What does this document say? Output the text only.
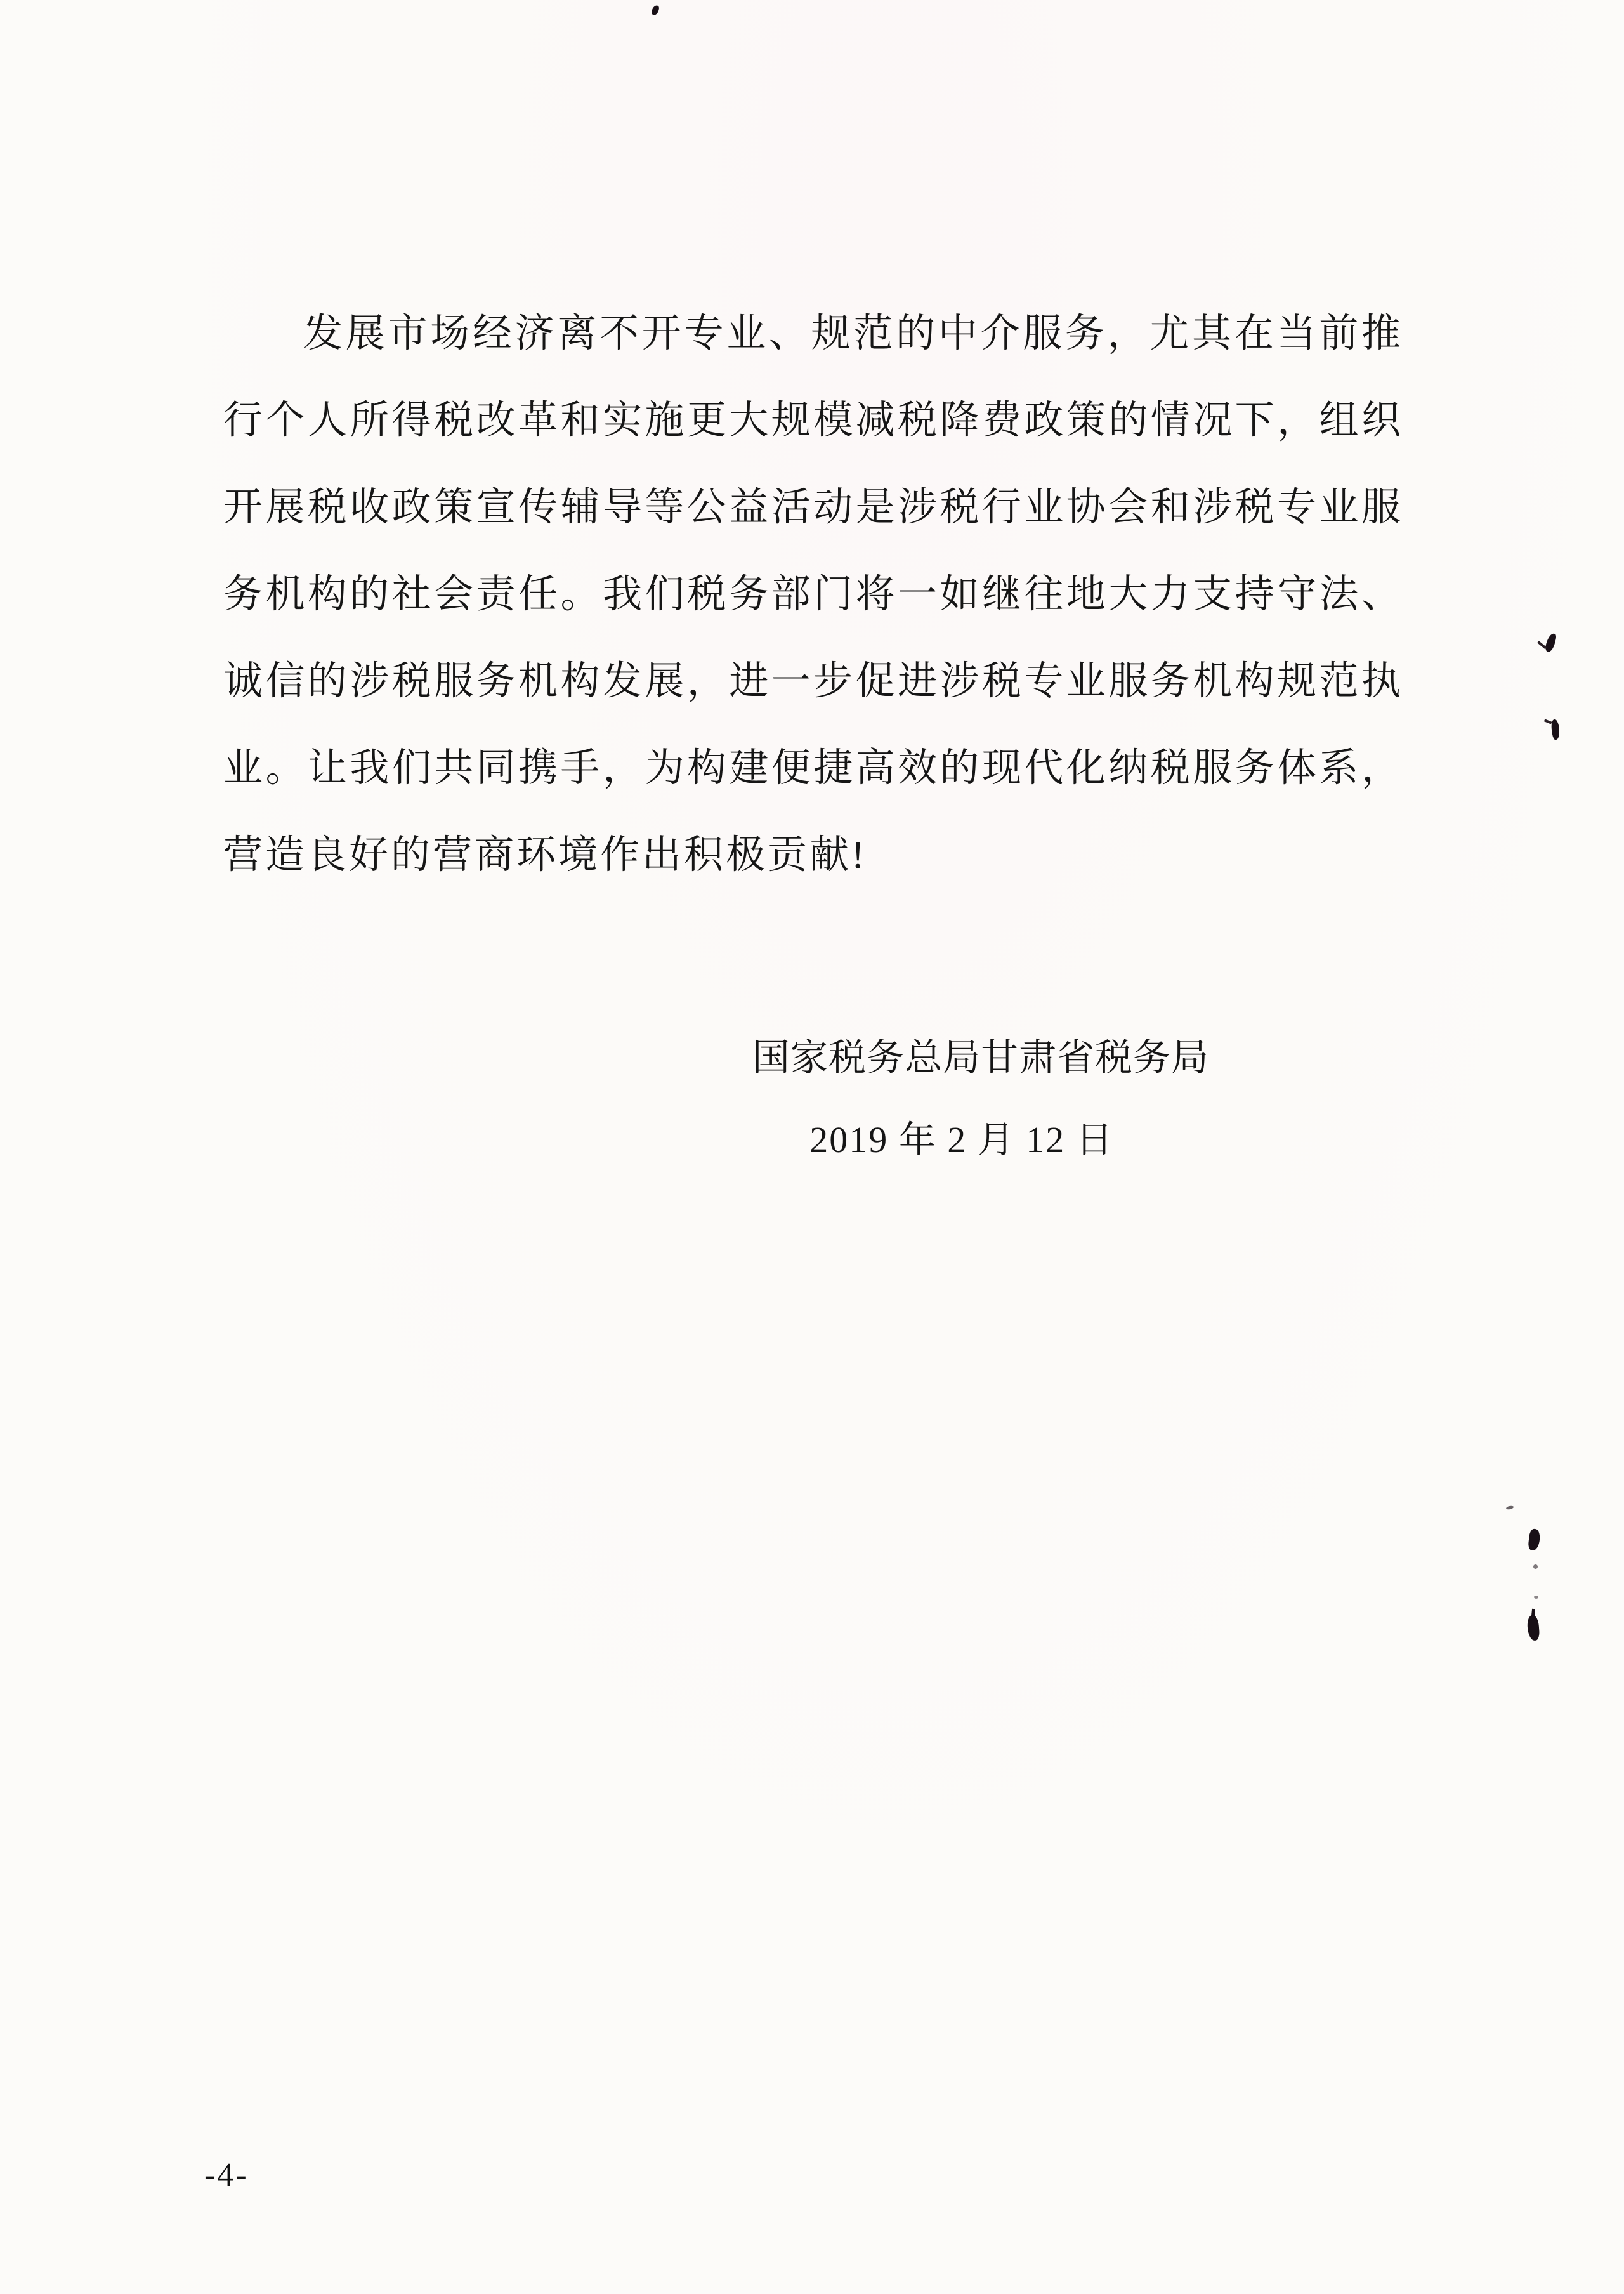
发展市场经济离不开专业、规范的中介服务，尤其在当前推
行个人所得税改革和实施更大规模减税降费政策的情况下，组织
开展税收政策宣传辅导等公益活动是涉税行业协会和涉税专业服
务机构的社会责任。我们税务部门将一如继往地大力支持守法、
诚信的涉税服务机构发展，进一步促进涉税专业服务机构规范执
业。让我们共同携手，为构建便捷高效的现代化纳税服务体系，
营造良好的营商环境作出积极贡献!
国家税务总局甘肃省税务局
2019 年 2 月 12 日
-4-
